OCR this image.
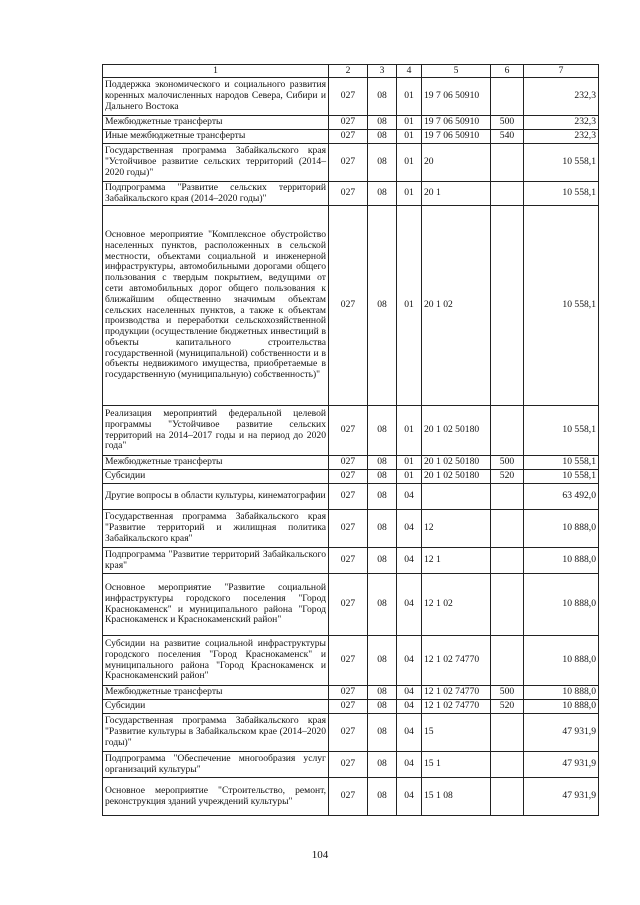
1	2	3	4	5	6	7
Поддержка экономического и социального развития коренных малочисленных народов Севера, Сибири и Дальнего Востока	027	08	01	19 7 06 50910		232,3
Межбюджетные трансферты	027	08	01	19 7 06 50910	500	232,3
Иные межбюджетные трансферты	027	08	01	19 7 06 50910	540	232,3
Государственная программа Забайкальского края "Устойчивое развитие сельских территорий (2014–2020 годы)"	027	08	01	20		10 558,1
Подпрограмма "Развитие сельских территорий Забайкальского края (2014–2020 годы)"	027	08	01	20 1		10 558,1
Основное мероприятие "Комплексное обустройство населенных пунктов, расположенных в сельской местности, объектами социальной и инженерной инфраструктуры, автомобильными дорогами общего пользования с твердым покрытием, ведущими от сети автомобильных дорог общего пользования к ближайшим общественно значимым объектам сельских населенных пунктов, а также к объектам производства и переработки сельскохозяйственной продукции (осуществление бюджетных инвестиций в объекты капитального строительства государственной (муниципальной) собственности и в объекты недвижимого имущества, приобретаемые в государственную (муниципальную) собственность)"	027	08	01	20 1 02		10 558,1
Реализация мероприятий федеральной целевой программы "Устойчивое развитие сельских территорий на 2014–2017 годы и на период до 2020 года"	027	08	01	20 1 02 50180		10 558,1
Межбюджетные трансферты	027	08	01	20 1 02 50180	500	10 558,1
Субсидии	027	08	01	20 1 02 50180	520	10 558,1
Другие вопросы в области культуры, кинематографии	027	08	04			63 492,0
Государственная программа Забайкальского края "Развитие территорий и жилищная политика Забайкальского края"	027	08	04	12		10 888,0
Подпрограмма "Развитие территорий Забайкальского края"	027	08	04	12 1		10 888,0
Основное мероприятие "Развитие социальной инфраструктуры городского поселения "Город Краснокаменск" и муниципального района "Город Краснокаменск и Краснокаменский район"	027	08	04	12 1 02		10 888,0
Субсидии на развитие социальной инфраструктуры городского поселения "Город Краснокаменск" и муниципального района "Город Краснокаменск и Краснокаменский район"	027	08	04	12 1 02 74770		10 888,0
Межбюджетные трансферты	027	08	04	12 1 02 74770	500	10 888,0
Субсидии	027	08	04	12 1 02 74770	520	10 888,0
Государственная программа Забайкальского края "Развитие культуры в Забайкальском крае (2014–2020 годы)"	027	08	04	15		47 931,9
Подпрограмма "Обеспечение многообразия услуг организаций культуры"	027	08	04	15 1		47 931,9
Основное мероприятие "Строительство, ремонт, реконструкция зданий учреждений культуры"	027	08	04	15 1 08		47 931,9
104
